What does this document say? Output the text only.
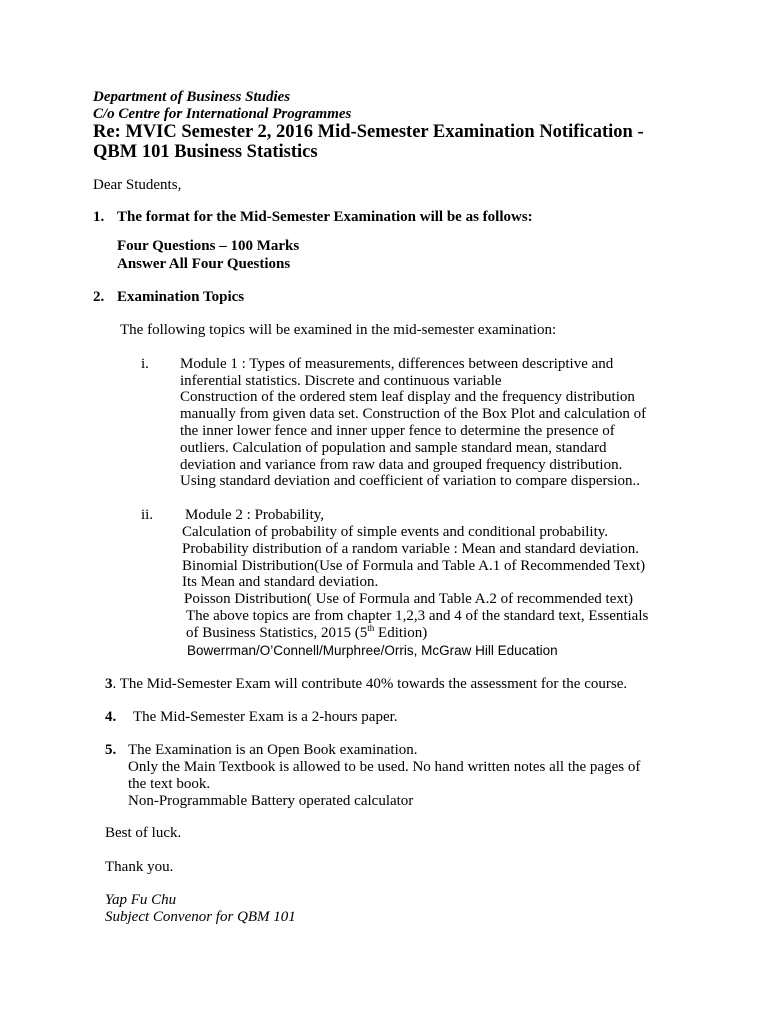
Department of Business Studies
C/o Centre for International Programmes
Re: MVIC Semester 2, 2016 Mid-Semester Examination Notification -
QBM 101 Business Statistics
Dear Students,
1. The format for the Mid-Semester Examination will be as follows:
Four Questions – 100 Marks
Answer All Four Questions
2. Examination Topics
The following topics will be examined in the mid-semester examination:
i. Module 1 : Types of measurements, differences between descriptive and
inferential statistics. Discrete and continuous variable
Construction of the ordered stem leaf display and the frequency distribution
manually from given data set. Construction of the Box Plot and calculation of
the inner lower fence and inner upper fence to determine the presence of
outliers. Calculation of population and sample standard mean, standard
deviation and variance from raw data and grouped frequency distribution.
Using standard deviation and coefficient of variation to compare dispersion..
ii. Module 2 : Probability,
Calculation of probability of simple events and conditional probability.
Probability distribution of a random variable : Mean and standard deviation.
Binomial Distribution(Use of Formula and Table A.1 of Recommended Text)
Its Mean and standard deviation.
Poisson Distribution( Use of Formula and Table A.2 of recommended text)
The above topics are from chapter 1,2,3 and 4 of the standard text, Essentials
of Business Statistics, 2015 (5th Edition)
Bowerrman/O’Connell/Murphree/Orris, McGraw Hill Education
3. The Mid-Semester Exam will contribute 40% towards the assessment for the course.
4. The Mid-Semester Exam is a 2-hours paper.
5. The Examination is an Open Book examination.
Only the Main Textbook is allowed to be used. No hand written notes all the pages of
the text book.
Non-Programmable Battery operated calculator
Best of luck.
Thank you.
Yap Fu Chu
Subject Convenor for QBM 101
